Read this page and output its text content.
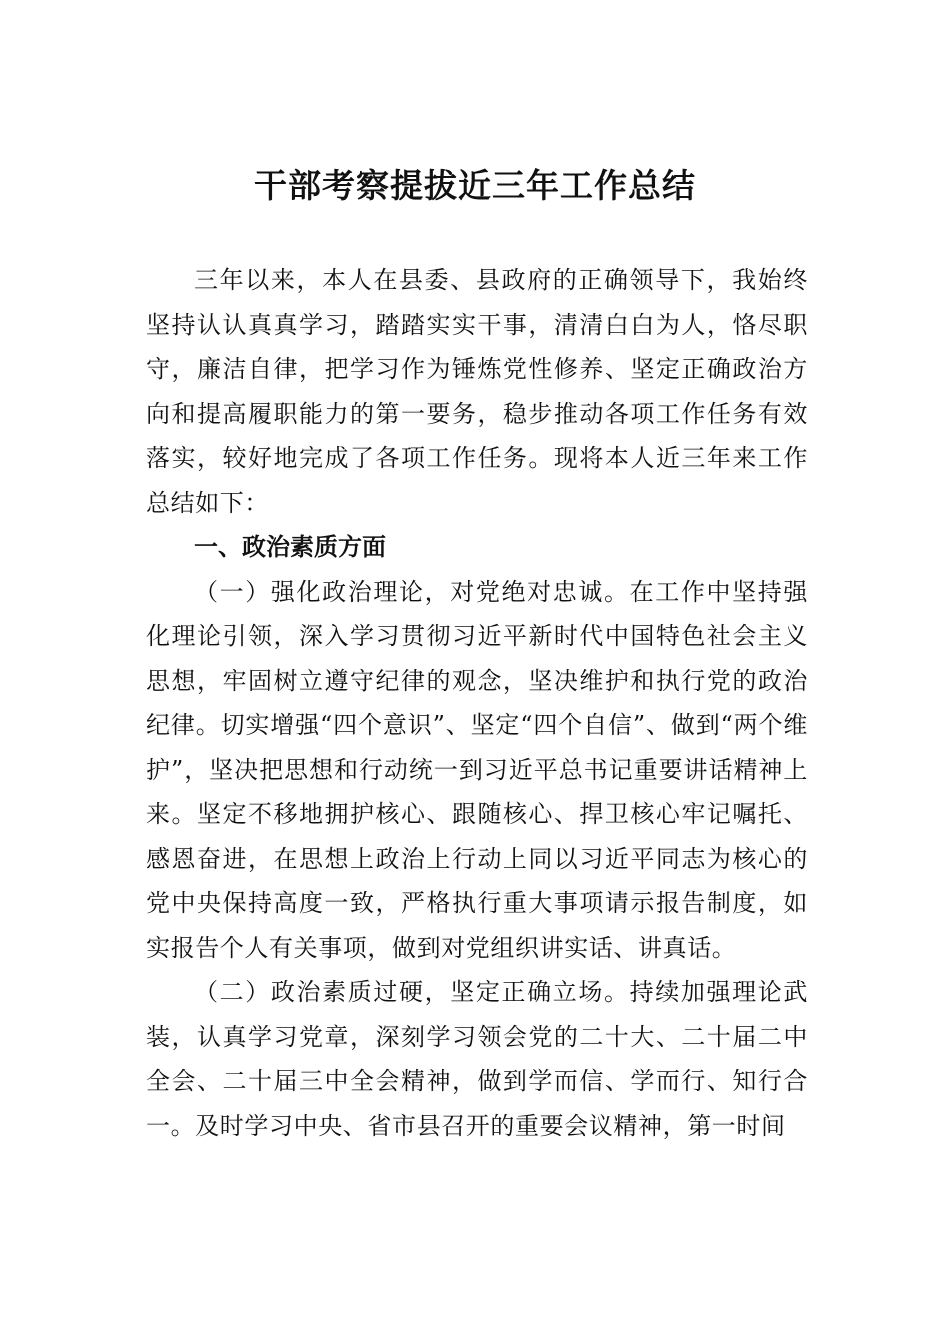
干部考察提拔近三年工作总结

三年以来，本人在县委、县政府的正确领导下，我始终坚持认认真真学习，踏踏实实干事，清清白白为人，恪尽职守，廉洁自律，把学习作为锤炼党性修养、坚定正确政治方向和提高履职能力的第一要务，稳步推动各项工作任务有效落实，较好地完成了各项工作任务。现将本人近三年来工作总结如下：

一、政治素质方面

（一）强化政治理论，对党绝对忠诚。在工作中坚持强化理论引领，深入学习贯彻习近平新时代中国特色社会主义思想，牢固树立遵守纪律的观念，坚决维护和执行党的政治纪律。切实增强“四个意识”、坚定“四个自信”、做到“两个维护”，坚决把思想和行动统一到习近平总书记重要讲话精神上来。坚定不移地拥护核心、跟随核心、捍卫核心牢记嘱托、感恩奋进，在思想上政治上行动上同以习近平同志为核心的党中央保持高度一致，严格执行重大事项请示报告制度，如实报告个人有关事项，做到对党组织讲实话、讲真话。

（二）政治素质过硬，坚定正确立场。持续加强理论武装，认真学习党章，深刻学习领会党的二十大、二十届二中全会、二十届三中全会精神，做到学而信、学而行、知行合一。及时学习中央、省市县召开的重要会议精神，第一时间
